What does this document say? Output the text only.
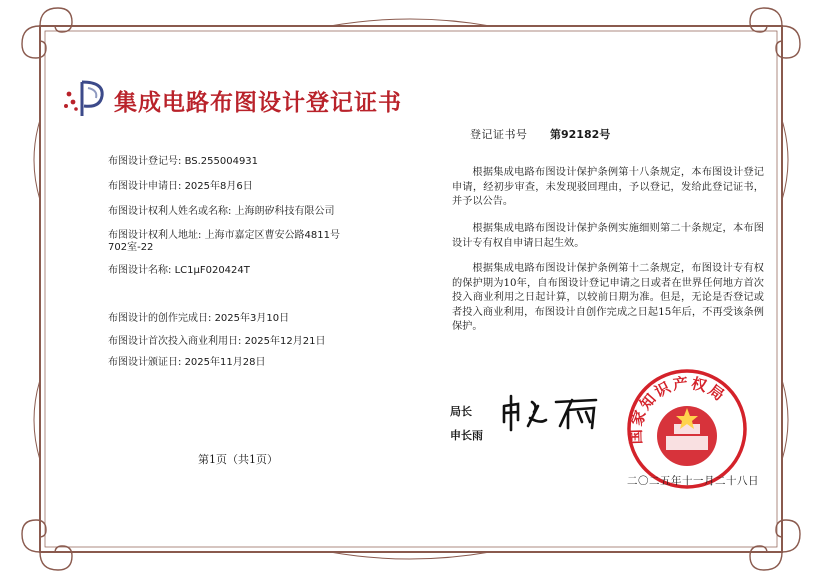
集成电路布图设计登记证书
登记证书号 第92182号
布图设计登记号: BS.255004931
布图设计申请日: 2025年8月6日
布图设计权利人姓名或名称: 上海朗矽科技有限公司
布图设计权利人地址: 上海市嘉定区曹安公路4811号702室-22
布图设计名称: LC1μF020424T
布图设计的创作完成日: 2025年3月10日
布图设计首次投入商业利用日: 2025年12月21日
布图设计颁证日: 2025年11月28日
根据集成电路布图设计保护条例第十八条规定，本布图设计登记申请，经初步审查，未发现驳回理由，予以登记，发给此登记证书，并予以公告。
根据集成电路布图设计保护条例实施细则第二十条规定，本布图设计专有权自申请日起生效。
根据集成电路布图设计保护条例第十二条规定，布图设计专有权的保护期为10年，自布图设计登记申请之日或者在世界任何地方首次投入商业利用之日起计算，以较前日期为准。但是，无论是否登记或者投入商业利用，布图设计自创作完成之日起15年后，不再受该条例保护。
局长
申长雨	国家知识产权局
二〇二五年十一月二十八日
第1页（共1页）
